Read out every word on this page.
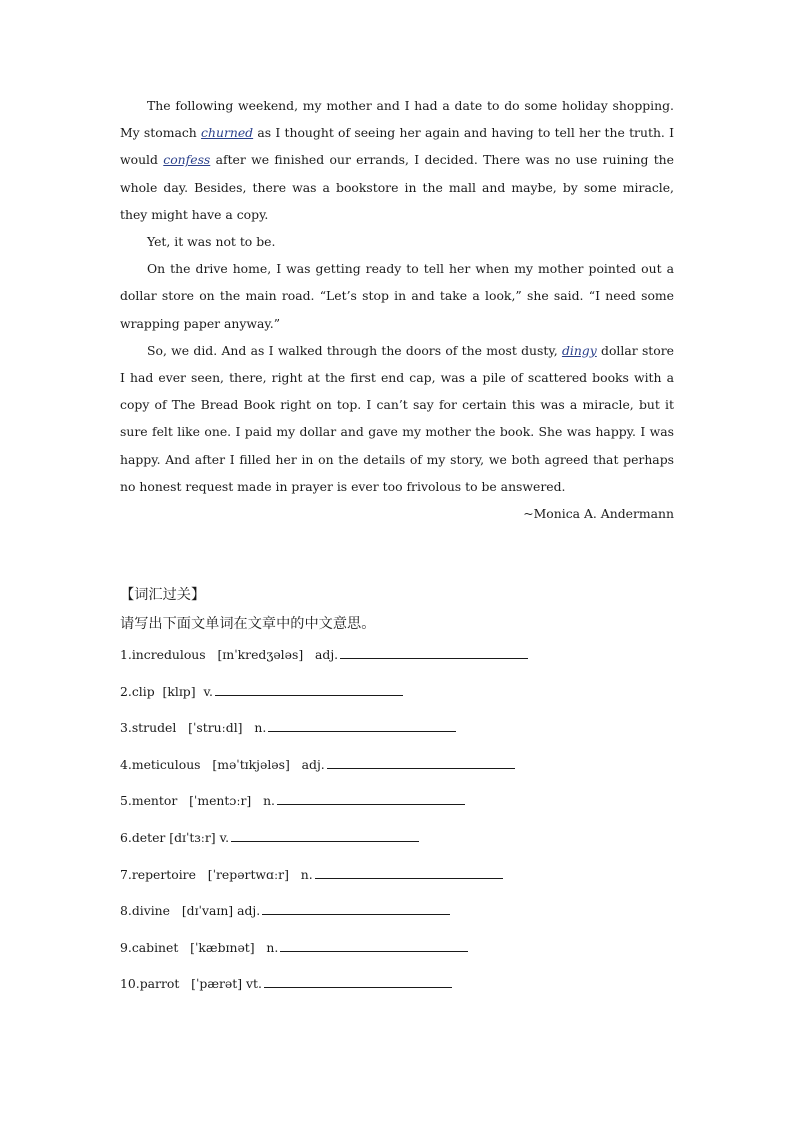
The following weekend, my mother and I had a date to do some holiday shopping. My stomach churned as I thought of seeing her again and having to tell her the truth. I would confess after we finished our errands, I decided. There was no use ruining the whole day. Besides, there was a bookstore in the mall and maybe, by some miracle, they might have a copy.

Yet, it was not to be.

On the drive home, I was getting ready to tell her when my mother pointed out a dollar store on the main road. “Let’s stop in and take a look,” she said. “I need some wrapping paper anyway.”

So, we did. And as I walked through the doors of the most dusty, dingy dollar store I had ever seen, there, right at the first end cap, was a pile of scattered books with a copy of The Bread Book right on top. I can’t say for certain this was a miracle, but it sure felt like one. I paid my dollar and gave my mother the book. She was happy. I was happy. And after I filled her in on the details of my story, we both agreed that perhaps no honest request made in prayer is ever too frivolous to be answered.

~Monica A. Andermann
【词汇过关】
请写出下面文单词在文章中的中文意思。
1.incredulous [ɪnˈkredʒələs] adj.
2.clip [klɪp] v.
3.strudel [ˈstruːdl] n.
4.meticulous [məˈtɪkjələs] adj.
5.mentor [ˈmentɔːr] n.
6.deter [dɪˈtɜːr] v.
7.repertoire [ˈrepərtwɑːr] n.
8.divine [dɪˈvaɪn] adj.
9.cabinet [ˈkæbɪnət] n.
10.parrot [ˈpærət] vt.
